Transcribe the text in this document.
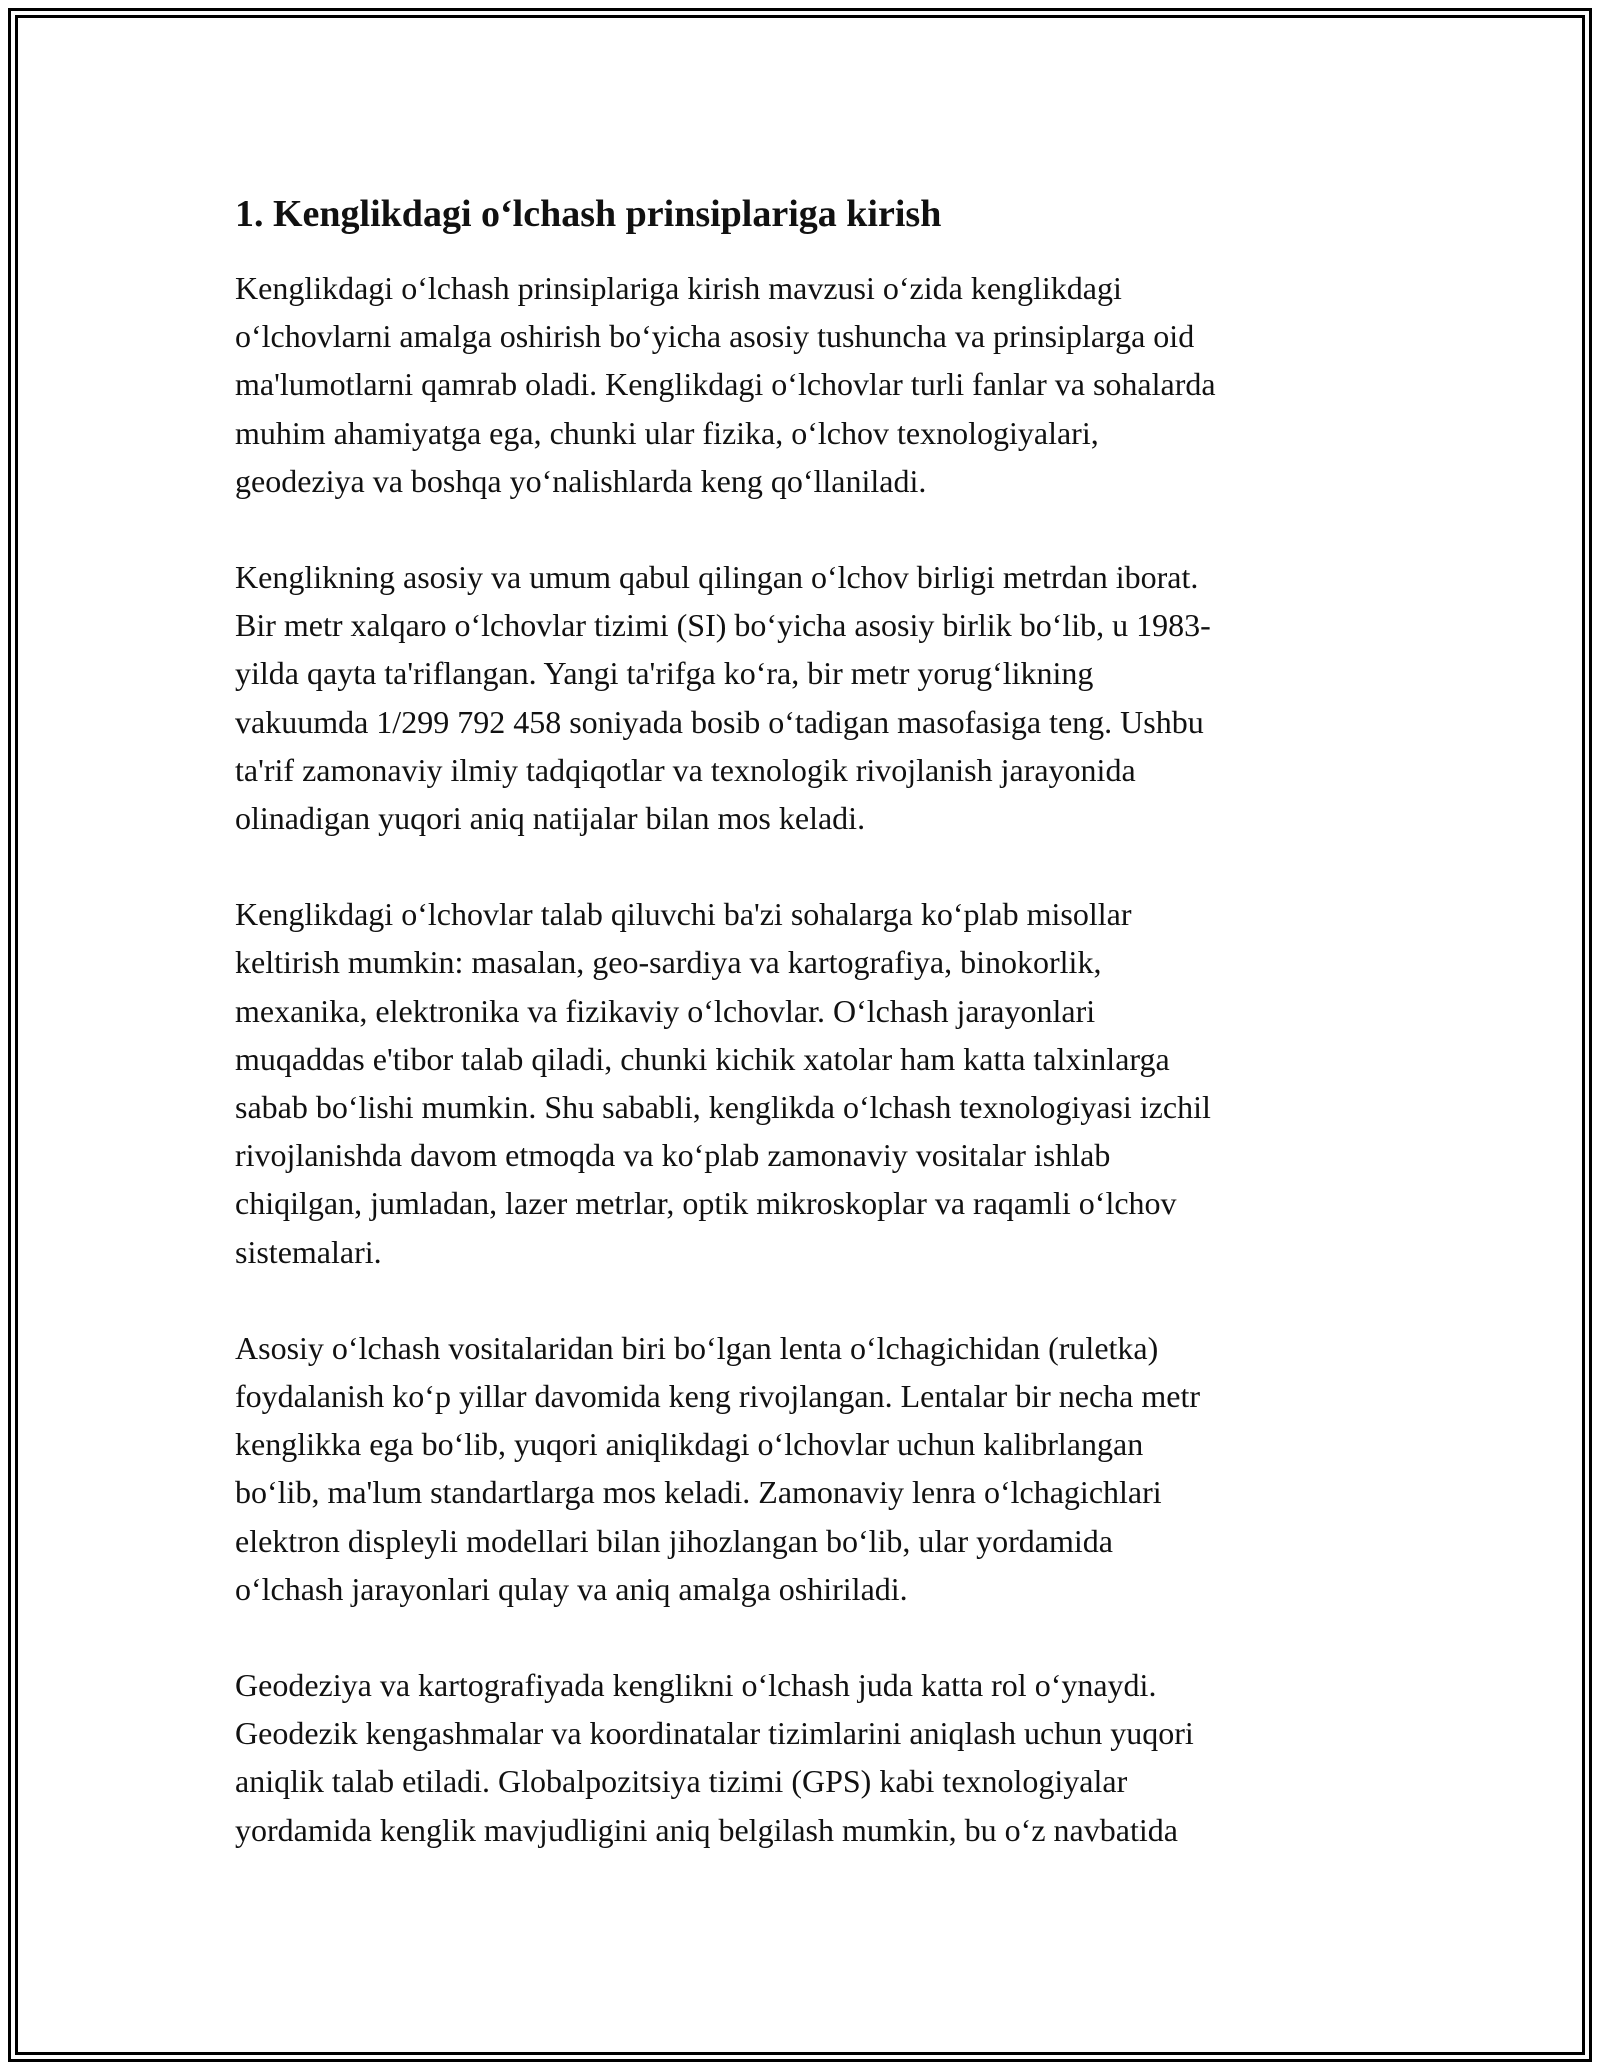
1. Kenglikdagi o‘lchash prinsiplariga kirish

Kenglikdagi o‘lchash prinsiplariga kirish mavzusi o‘zida kenglikdagi
o‘lchovlarni amalga oshirish bo‘yicha asosiy tushuncha va prinsiplarga oid
ma'lumotlarni qamrab oladi. Kenglikdagi o‘lchovlar turli fanlar va sohalarda
muhim ahamiyatga ega, chunki ular fizika, o‘lchov texnologiyalari,
geodeziya va boshqa yo‘nalishlarda keng qo‘llaniladi.

Kenglikning asosiy va umum qabul qilingan o‘lchov birligi metrdan iborat.
Bir metr xalqaro o‘lchovlar tizimi (SI) bo‘yicha asosiy birlik bo‘lib, u 1983-
yilda qayta ta'riflangan. Yangi ta'rifga ko‘ra, bir metr yorug‘likning
vakuumda 1/299 792 458 soniyada bosib o‘tadigan masofasiga teng. Ushbu
ta'rif zamonaviy ilmiy tadqiqotlar va texnologik rivojlanish jarayonida
olinadigan yuqori aniq natijalar bilan mos keladi.

Kenglikdagi o‘lchovlar talab qiluvchi ba'zi sohalarga ko‘plab misollar
keltirish mumkin: masalan, geo-sardiya va kartografiya, binokorlik,
mexanika, elektronika va fizikaviy o‘lchovlar. O‘lchash jarayonlari
muqaddas e'tibor talab qiladi, chunki kichik xatolar ham katta talxinlarga
sabab bo‘lishi mumkin. Shu sababli, kenglikda o‘lchash texnologiyasi izchil
rivojlanishda davom etmoqda va ko‘plab zamonaviy vositalar ishlab
chiqilgan, jumladan, lazer metrlar, optik mikroskoplar va raqamli o‘lchov
sistemalari.

Asosiy o‘lchash vositalaridan biri bo‘lgan lenta o‘lchagichidan (ruletka)
foydalanish ko‘p yillar davomida keng rivojlangan. Lentalar bir necha metr
kenglikka ega bo‘lib, yuqori aniqlikdagi o‘lchovlar uchun kalibrlangan
bo‘lib, ma'lum standartlarga mos keladi. Zamonaviy lenra o‘lchagichlari
elektron displeyli modellari bilan jihozlangan bo‘lib, ular yordamida
o‘lchash jarayonlari qulay va aniq amalga oshiriladi.

Geodeziya va kartografiyada kenglikni o‘lchash juda katta rol o‘ynaydi.
Geodezik kengashmalar va koordinatalar tizimlarini aniqlash uchun yuqori
aniqlik talab etiladi. Globalpozitsiya tizimi (GPS) kabi texnologiyalar
yordamida kenglik mavjudligini aniq belgilash mumkin, bu o‘z navbatida
